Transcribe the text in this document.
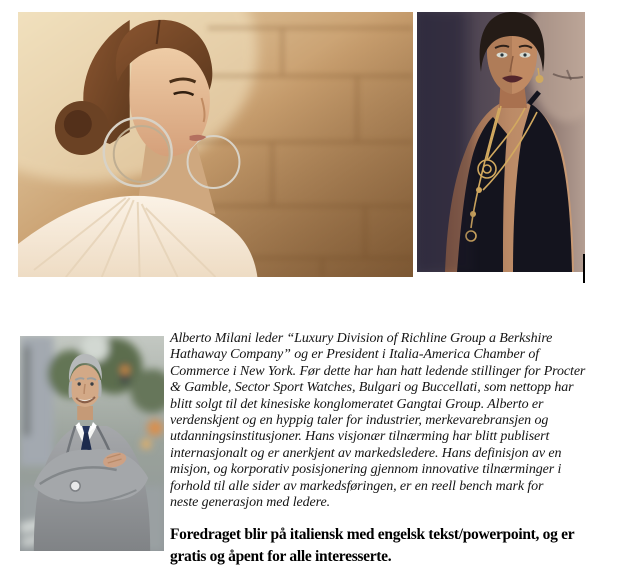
Alberto Milani leder “Luxury Division of Richline Group a Berkshire
Hathaway Company” og er President i Italia-America Chamber of
Commerce i New York. Før dette har han hatt ledende stillinger for Procter
& Gamble, Sector Sport Watches, Bulgari og Buccellati, som nettopp har
blitt solgt til det kinesiske konglomeratet Gangtai Group. Alberto er
verdenskjent og en hyppig taler for industrier, merkevarebransjen og
utdanningsinstitusjoner. Hans visjonær tilnærming har blitt publisert
internasjonalt og er anerkjent av markedsledere. Hans definisjon av en
misjon, og korporativ posisjonering gjennom innovative tilnærminger i
forhold til alle sider av markedsføringen, er en reell bench mark for
neste generasjon med ledere.
Foredraget blir på italiensk med engelsk tekst/powerpoint, og er
gratis og åpent for alle interesserte.
